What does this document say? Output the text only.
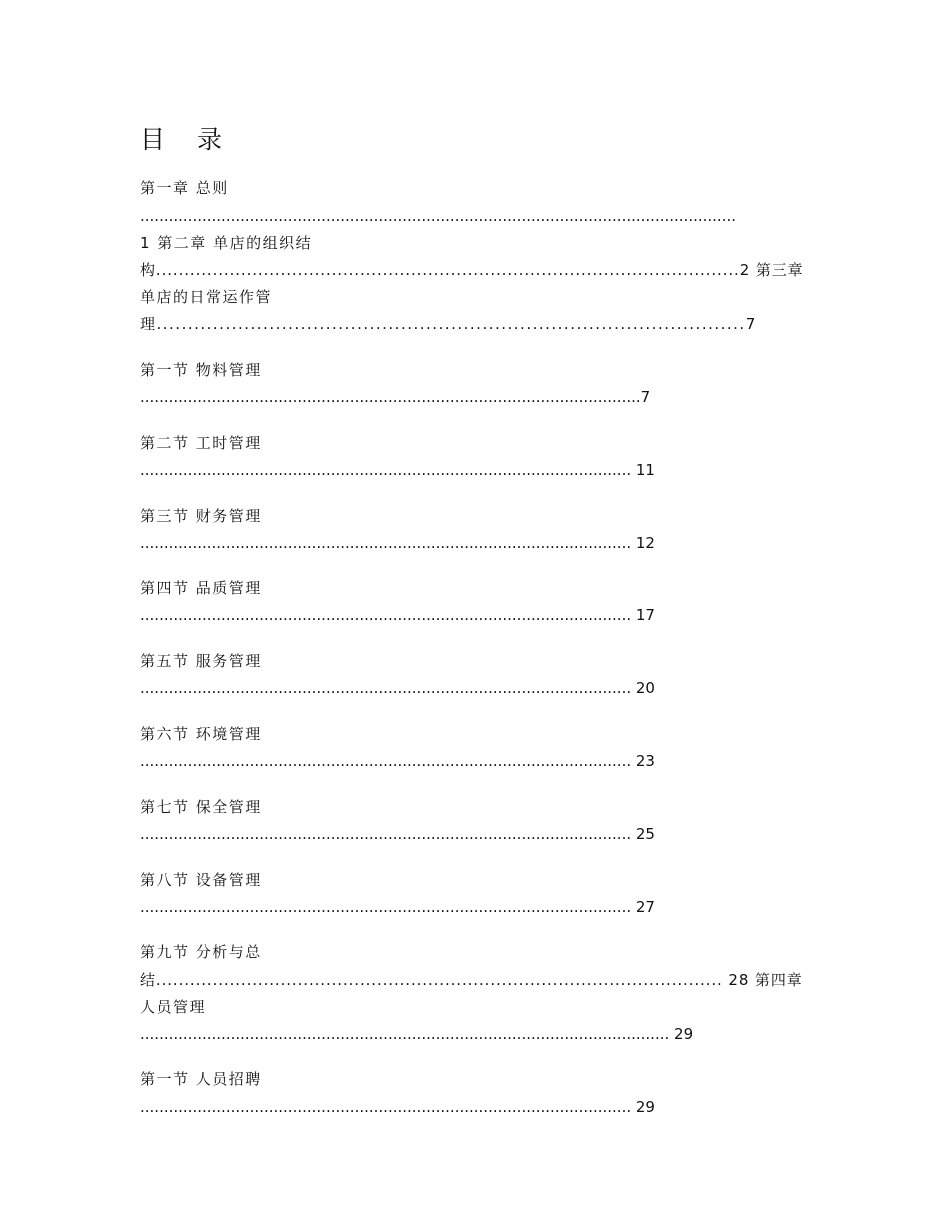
目 录
第一章 总则
.............................................................................................................................
1 第二章 单店的组织结
构.......................................................................................................2 第三章
单店的日常运作管
理..............................................................................................7
第一节 物料管理
.........................................................................................................7
第二节 工时管理
....................................................................................................... 11
第三节 财务管理
....................................................................................................... 12
第四节 品质管理
....................................................................................................... 17
第五节 服务管理
....................................................................................................... 20
第六节 环境管理
....................................................................................................... 23
第七节 保全管理
....................................................................................................... 25
第八节 设备管理
....................................................................................................... 27
第九节 分析与总
结.................................................................................................... 28 第四章
人员管理
............................................................................................................... 29
第一节 人员招聘
....................................................................................................... 29
